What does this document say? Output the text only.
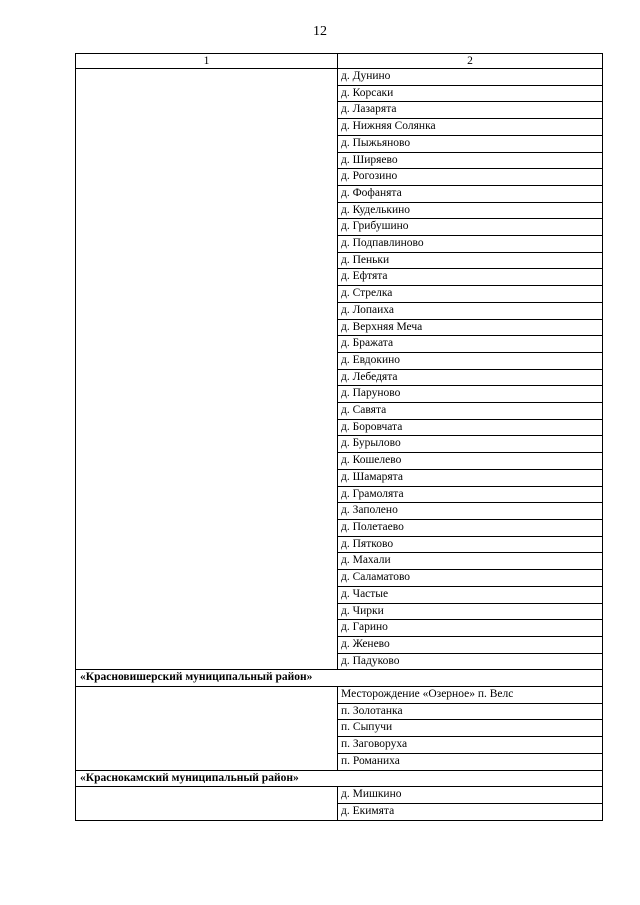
12
1	2
	д. Дунино
	д. Корсаки
	д. Лазарята
	д. Нижняя Солянка
	д. Пыжьяново
	д. Ширяево
	д. Рогозино
	д. Фофанята
	д. Куделькино
	д. Грибушино
	д. Подпавлиново
	д. Пеньки
	д. Ефтята
	д. Стрелка
	д. Лопаиха
	д. Верхняя Меча
	д. Бражата
	д. Евдокино
	д. Лебедята
	д. Паруново
	д. Савята
	д. Боровчата
	д. Бурылово
	д. Кошелево
	д. Шамарята
	д. Грамолята
	д. Заполено
	д. Полетаево
	д. Пятково
	д. Махали
	д. Саламатово
	д. Частые
	д. Чирки
	д. Гарино
	д. Женево
	д. Падуково
«Красновишерский муниципальный район»	
	Месторождение «Озерное» п. Велс
	п. Золотанка
	п. Сыпучи
	п. Заговоруха
	п. Романиха
«Краснокамский муниципальный район»	
	д. Мишкино
	д. Екимята
